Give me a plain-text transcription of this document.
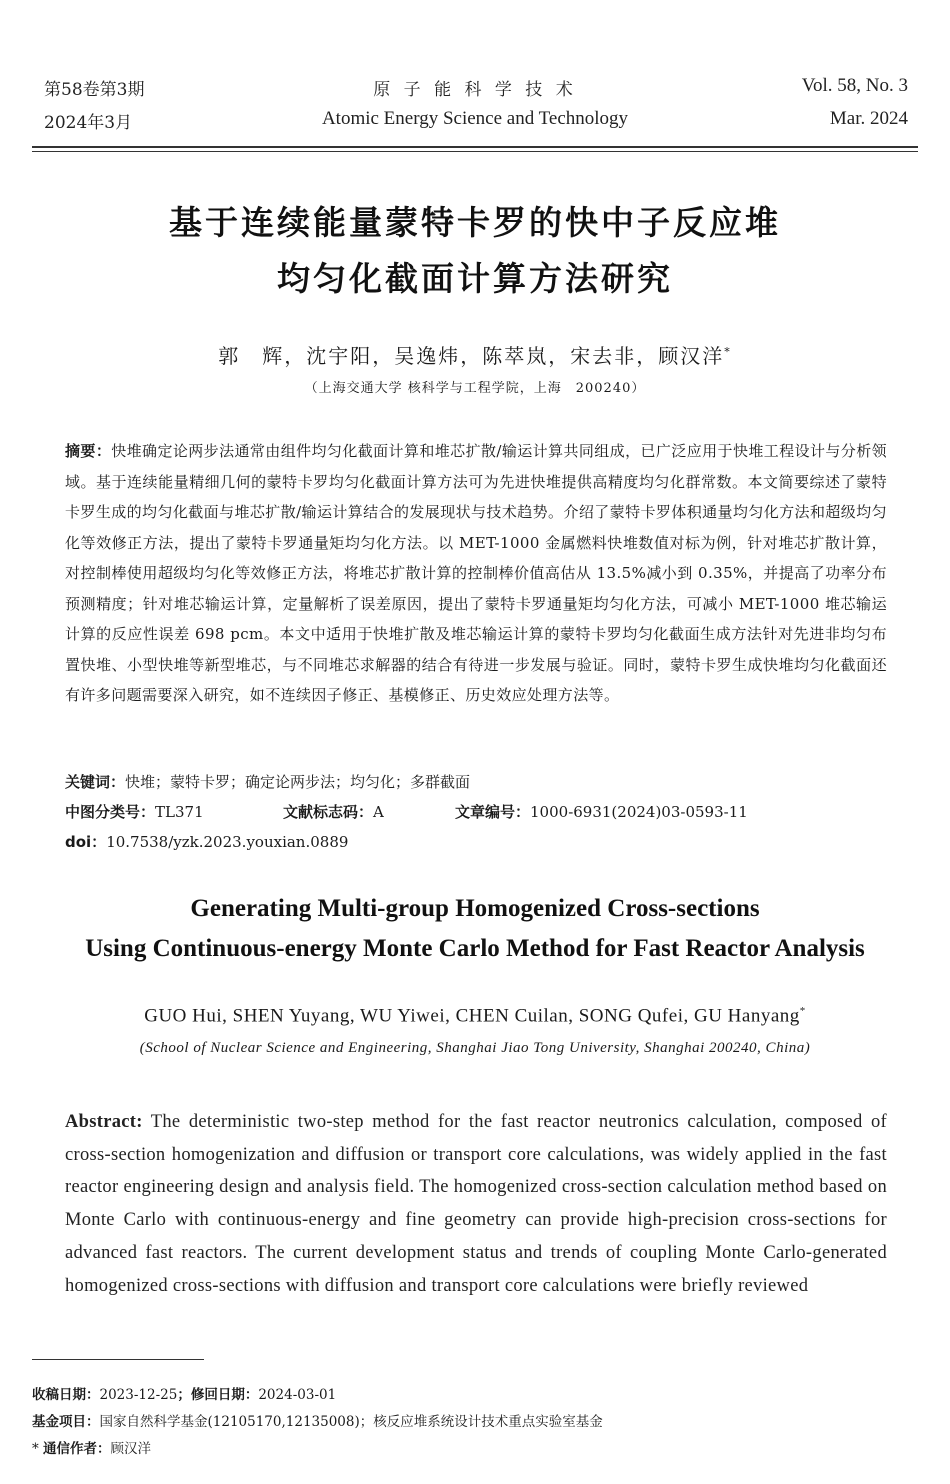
第58卷第3期
2024年3月
原 子 能 科 学 技 术
Atomic Energy Science and Technology
Vol. 58, No. 3
Mar. 2024
基于连续能量蒙特卡罗的快中子反应堆
均匀化截面计算方法研究
郭　辉，沈宇阳，吴逸炜，陈萃岚，宋去非，顾汉洋*
（上海交通大学 核科学与工程学院，上海　200240）
摘要：快堆确定论两步法通常由组件均匀化截面计算和堆芯扩散/输运计算共同组成，已广泛应用于快堆工程设计与分析领域。基于连续能量精细几何的蒙特卡罗均匀化截面计算方法可为先进快堆提供高精度均匀化群常数。本文简要综述了蒙特卡罗生成的均匀化截面与堆芯扩散/输运计算结合的发展现状与技术趋势。介绍了蒙特卡罗体积通量均匀化方法和超级均匀化等效修正方法，提出了蒙特卡罗通量矩均匀化方法。以 MET-1000 金属燃料快堆数值对标为例，针对堆芯扩散计算，对控制棒使用超级均匀化等效修正方法，将堆芯扩散计算的控制棒价值高估从 13.5%减小到 0.35%，并提高了功率分布预测精度；针对堆芯输运计算，定量解析了误差原因，提出了蒙特卡罗通量矩均匀化方法，可减小 MET-1000 堆芯输运计算的反应性误差 698 pcm。本文中适用于快堆扩散及堆芯输运计算的蒙特卡罗均匀化截面生成方法针对先进非均匀布置快堆、小型快堆等新型堆芯，与不同堆芯求解器的结合有待进一步发展与验证。同时，蒙特卡罗生成快堆均匀化截面还有许多问题需要深入研究，如不连续因子修正、基模修正、历史效应处理方法等。
关键词：快堆；蒙特卡罗；确定论两步法；均匀化；多群截面
中图分类号：TL371	文献标志码：A	文章编号：1000-6931(2024)03-0593-11
doi：10.7538/yzk.2023.youxian.0889
Generating Multi-group Homogenized Cross-sections
Using Continuous-energy Monte Carlo Method for Fast Reactor Analysis
GUO Hui, SHEN Yuyang, WU Yiwei, CHEN Cuilan, SONG Qufei, GU Hanyang*
(School of Nuclear Science and Engineering, Shanghai Jiao Tong University, Shanghai 200240, China)
Abstract: The deterministic two-step method for the fast reactor neutronics calculation, composed of cross-section homogenization and diffusion or transport core calculations, was widely applied in the fast reactor engineering design and analysis field. The homogenized cross-section calculation method based on Monte Carlo with continuous-energy and fine geometry can provide high-precision cross-sections for advanced fast reactors. The current development status and trends of coupling Monte Carlo-generated homogenized cross-sections with diffusion and transport core calculations were briefly reviewed
收稿日期：2023-12-25；修回日期：2024-03-01
基金项目：国家自然科学基金(12105170,12135008)；核反应堆系统设计技术重点实验室基金
* 通信作者：顾汉洋
